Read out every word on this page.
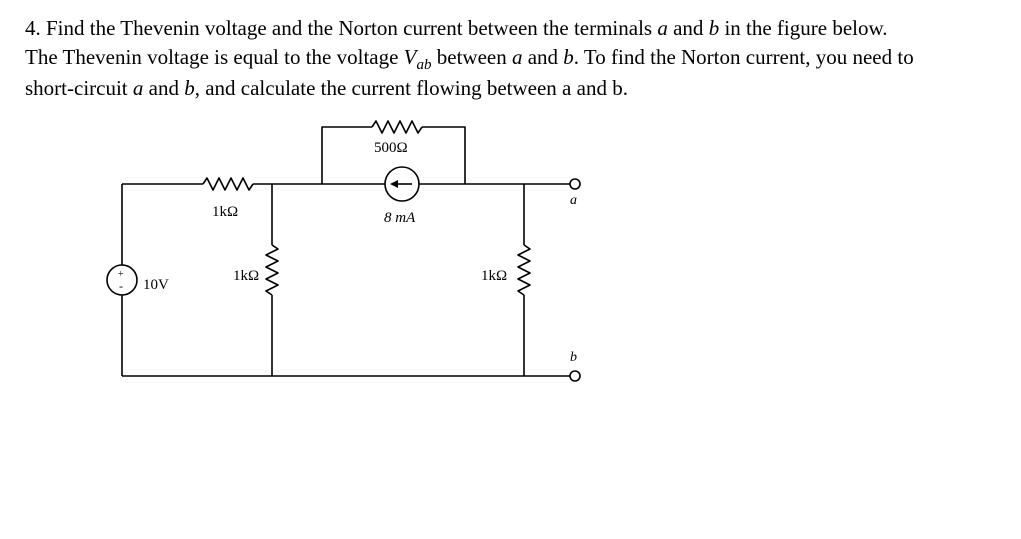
4. Find the Thevenin voltage and the Norton current between the terminals a and b in the figure below.

The Thevenin voltage is equal to the voltage $V_{ab}$ between a and b. To find the Norton current, you need to

short-circuit a and b, and calculate the current flowing between a and b.

500Ω
8 mA
1kΩ
1kΩ	1kΩ
10V
+
-
a
b
